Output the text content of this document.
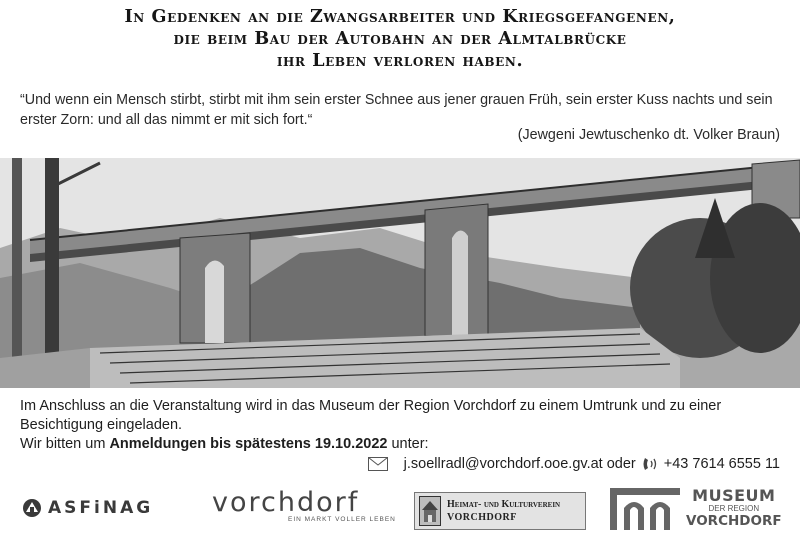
In Gedenken an die Zwangsarbeiter und Kriegsgefangenen,
die beim Bau der Autobahn an der Almtalbrücke
ihr Leben verloren haben.

“Und wenn ein Mensch stirbt, stirbt mit ihm sein erster Schnee aus jener grauen Früh, sein erster Kuss nachts und sein erster Zorn: und all das nimmt er mit sich fort.“

(Jewgeni Jewtuschenko dt. Volker Braun)

Im Anschluss an die Veranstaltung wird in das Museum der Region Vorchdorf zu einem Umtrunk und zu einer Besichtigung eingeladen.

Wir bitten um Anmeldungen bis spätestens 19.10.2022 unter:

j.soellradl@vorchdorf.ooe.gv.at oder +43 7614 6555 11
ASFiNAG vorchdorf
EIN MARKT VOLLER LEBEN
Heimat- und Kulturverein
VORCHDORF
MUSEUM
DER REGION
VORCHDORF
